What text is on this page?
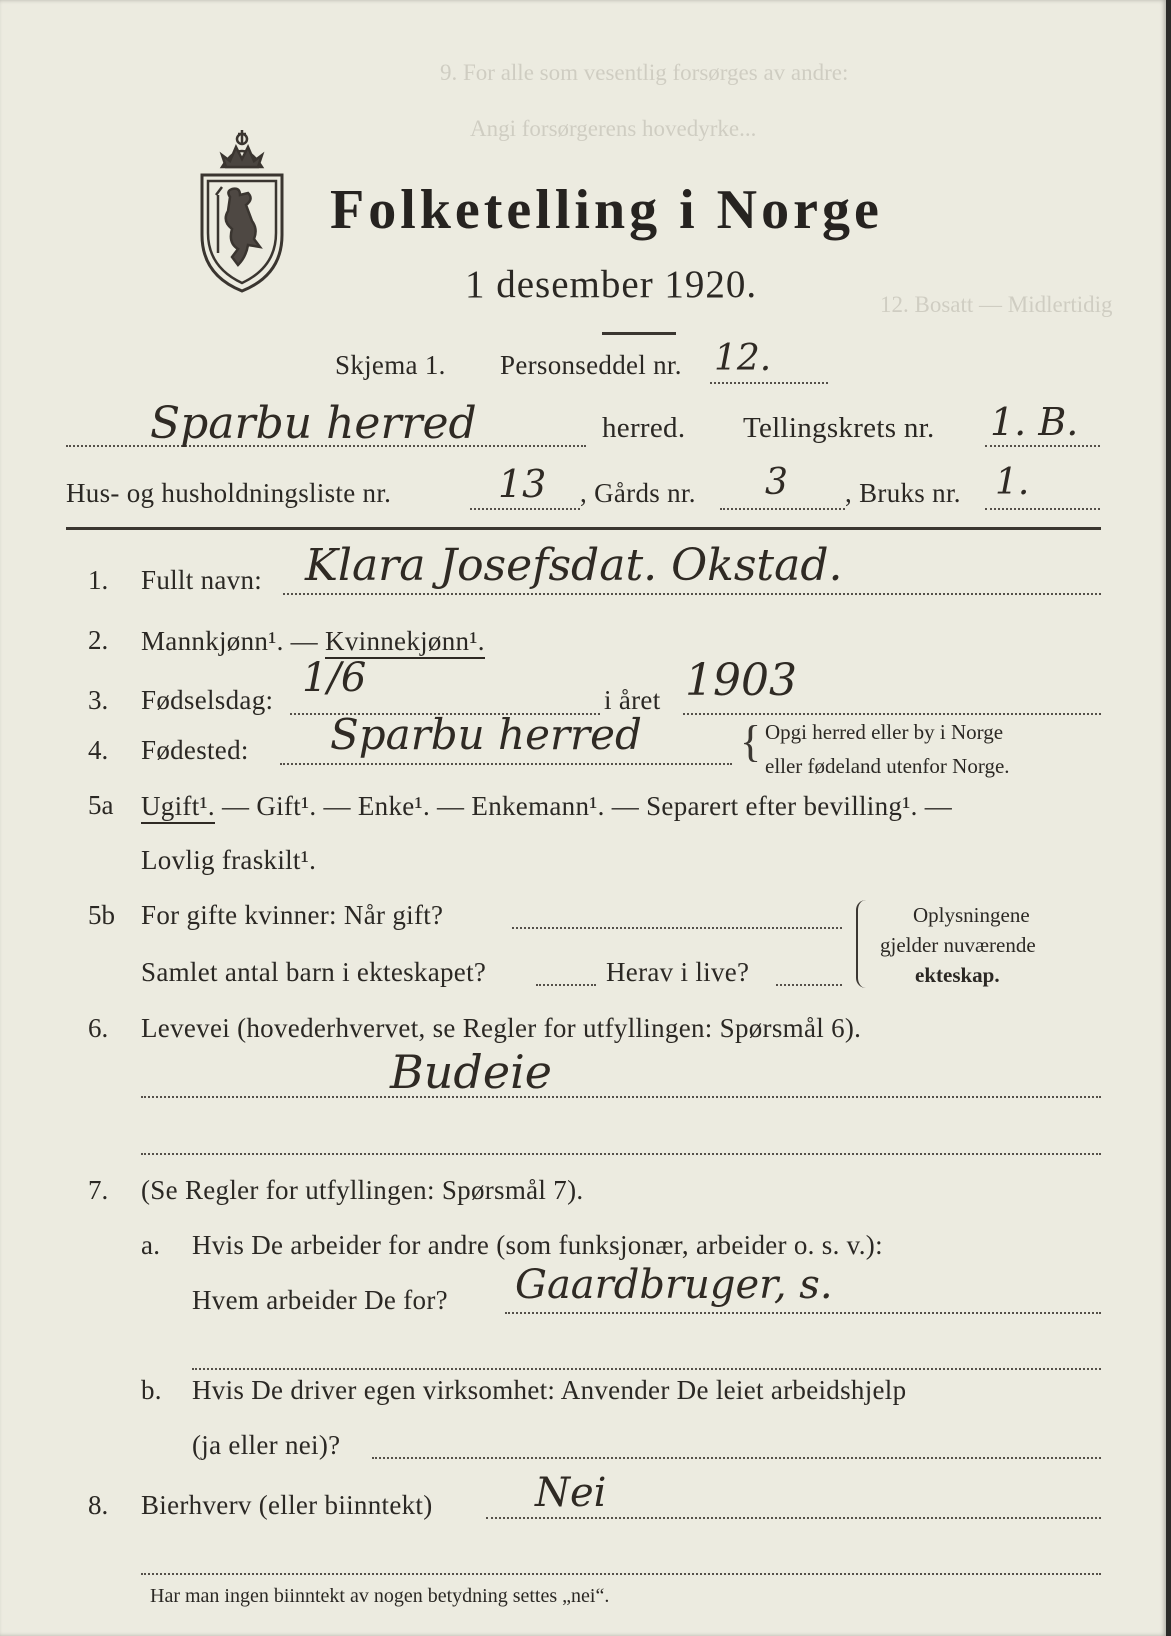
9. For alle som vesentlig forsørges av andre:
Angi forsørgerens hovedyrke...
12. Bosatt — Midlertidig
Folketelling i Norge
1 desember 1920.
Skjema 1. Personseddel nr. 12.
Sparbu herred	herred. Tellingskrets nr. 1. B.
Hus- og husholdningsliste nr.	13 , Gårds nr. 3 , Bruks nr. 1.
1. Fullt navn: Klara Josefsdat. Okstad.
2. Mannkjønn¹. — Kvinnekjønn¹.
3. Fødselsdag: 1/6	i året 1903
4. Fødested: Sparbu herred { Opgi herred eller by i Norge
eller fødeland utenfor Norge.
5a Ugift¹. — Gift¹. — Enke¹. — Enkemann¹. — Separert efter bevilling¹. —
Lovlig fraskilt¹.
5b For gifte kvinner: Når gift?
Samlet antal barn i ekteskapet?	Herav i live?
Oplysningene
gjelder nuværende
ekteskap.
6. Levevei (hovederhvervet, se Regler for utfyllingen: Spørsmål 6).
Budeie
7. (Se Regler for utfyllingen: Spørsmål 7).
a. Hvis De arbeider for andre (som funksjonær, arbeider o. s. v.):
Hvem arbeider De for? Gaardbruger, s.
b. Hvis De driver egen virksomhet: Anvender De leiet arbeidshjelp
(ja eller nei)?
8. Bierhverv (eller biinntekt)	Nei
Har man ingen biinntekt av nogen betydning settes „nei“.
